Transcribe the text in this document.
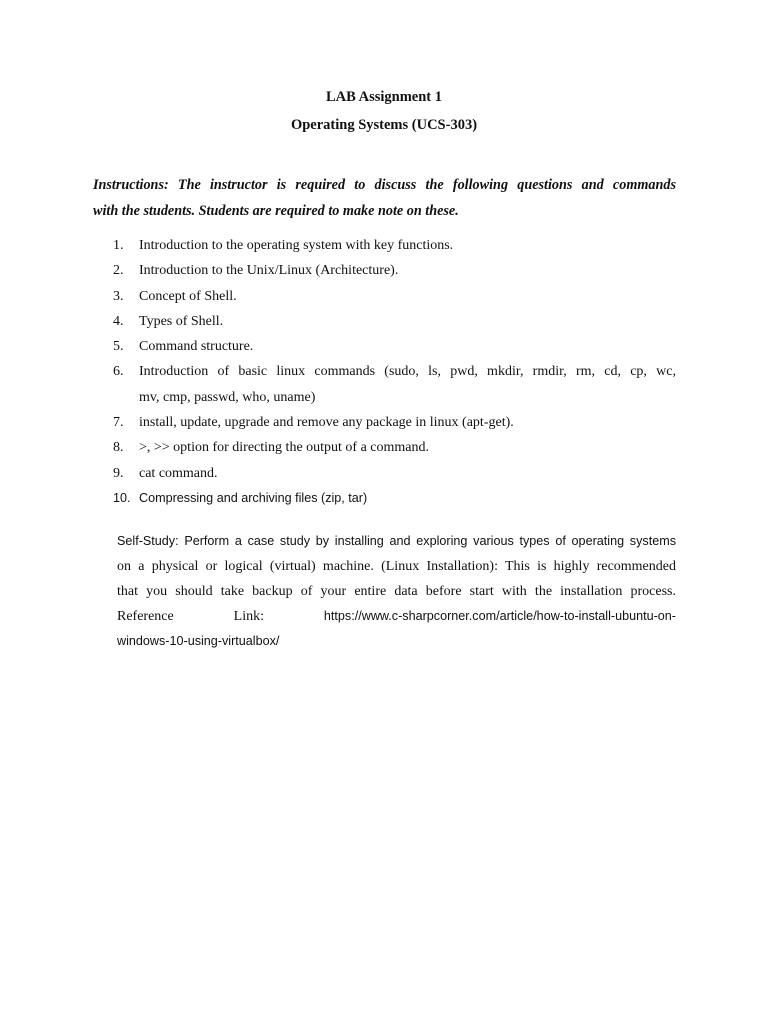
LAB Assignment 1
Operating Systems (UCS-303)
Instructions: The instructor is required to discuss the following questions and commands
with the students. Students are required to make note on these.
1. Introduction to the operating system with key functions.
2. Introduction to the Unix/Linux (Architecture).
3. Concept of Shell.
4. Types of Shell.
5. Command structure.
6. Introduction of basic linux commands (sudo, ls, pwd, mkdir, rmdir, rm, cd, cp, wc,
mv, cmp, passwd, who, uname)
7. install, update, upgrade and remove any package in linux (apt-get).
8. >, >> option for directing the output of a command.
9. cat command.
10. Compressing and archiving files (zip, tar)
Self-Study: Perform a case study by installing and exploring various types of operating systems
on a physical or logical (virtual) machine. (Linux Installation): This is highly recommended
that you should take backup of your entire data before start with the installation process.
Reference	Link:	https://www.c-sharpcorner.com/article/how-to-install-ubuntu-on-
windows-10-using-virtualbox/
